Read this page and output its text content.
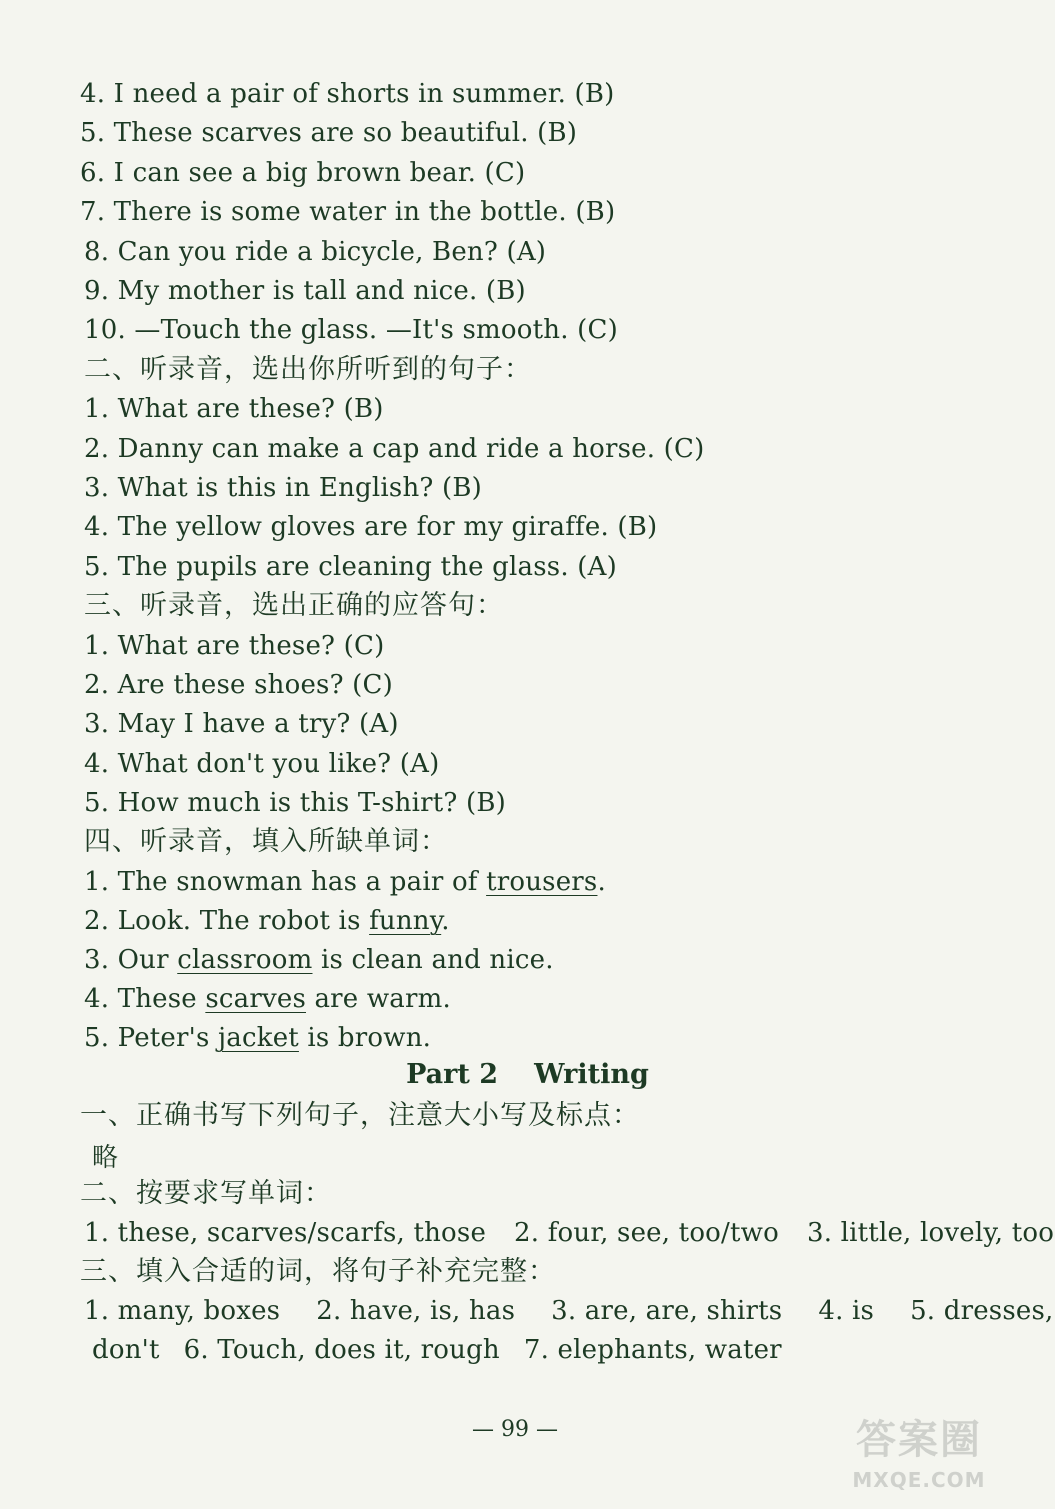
4. I need a pair of shorts in summer. (B)
5. These scarves are so beautiful. (B)
6. I can see a big brown bear. (C)
7. There is some water in the bottle. (B)
8. Can you ride a bicycle, Ben? (A)
9. My mother is tall and nice. (B)
10. —Touch the glass. —It's smooth. (C)
二、听录音，选出你所听到的句子：
1. What are these? (B)
2. Danny can make a cap and ride a horse. (C)
3. What is this in English? (B)
4. The yellow gloves are for my giraffe. (B)
5. The pupils are cleaning the glass. (A)
三、听录音，选出正确的应答句：
1. What are these? (C)
2. Are these shoes? (C)
3. May I have a try? (A)
4. What don't you like? (A)
5. How much is this T-shirt? (B)
四、听录音，填入所缺单词：
1. The snowman has a pair of trousers.
2. Look. The robot is funny.
3. Our classroom is clean and nice.
4. These scarves are warm.
5. Peter's jacket is brown.
Part 2 Writing
一、正确书写下列句子，注意大小写及标点：
略
二、按要求写单词：
1. these, scarves/scarfs, those 2. four, see, too/two 3. little, lovely, too
三、填入合适的词，将句子补充完整：
1. many, boxes 2. have, is, has 3. are, are, shirts 4. is 5. dresses,
don't 6. Touch, does it, rough 7. elephants, water
— 99 —	答案圈
MXQE.COM
